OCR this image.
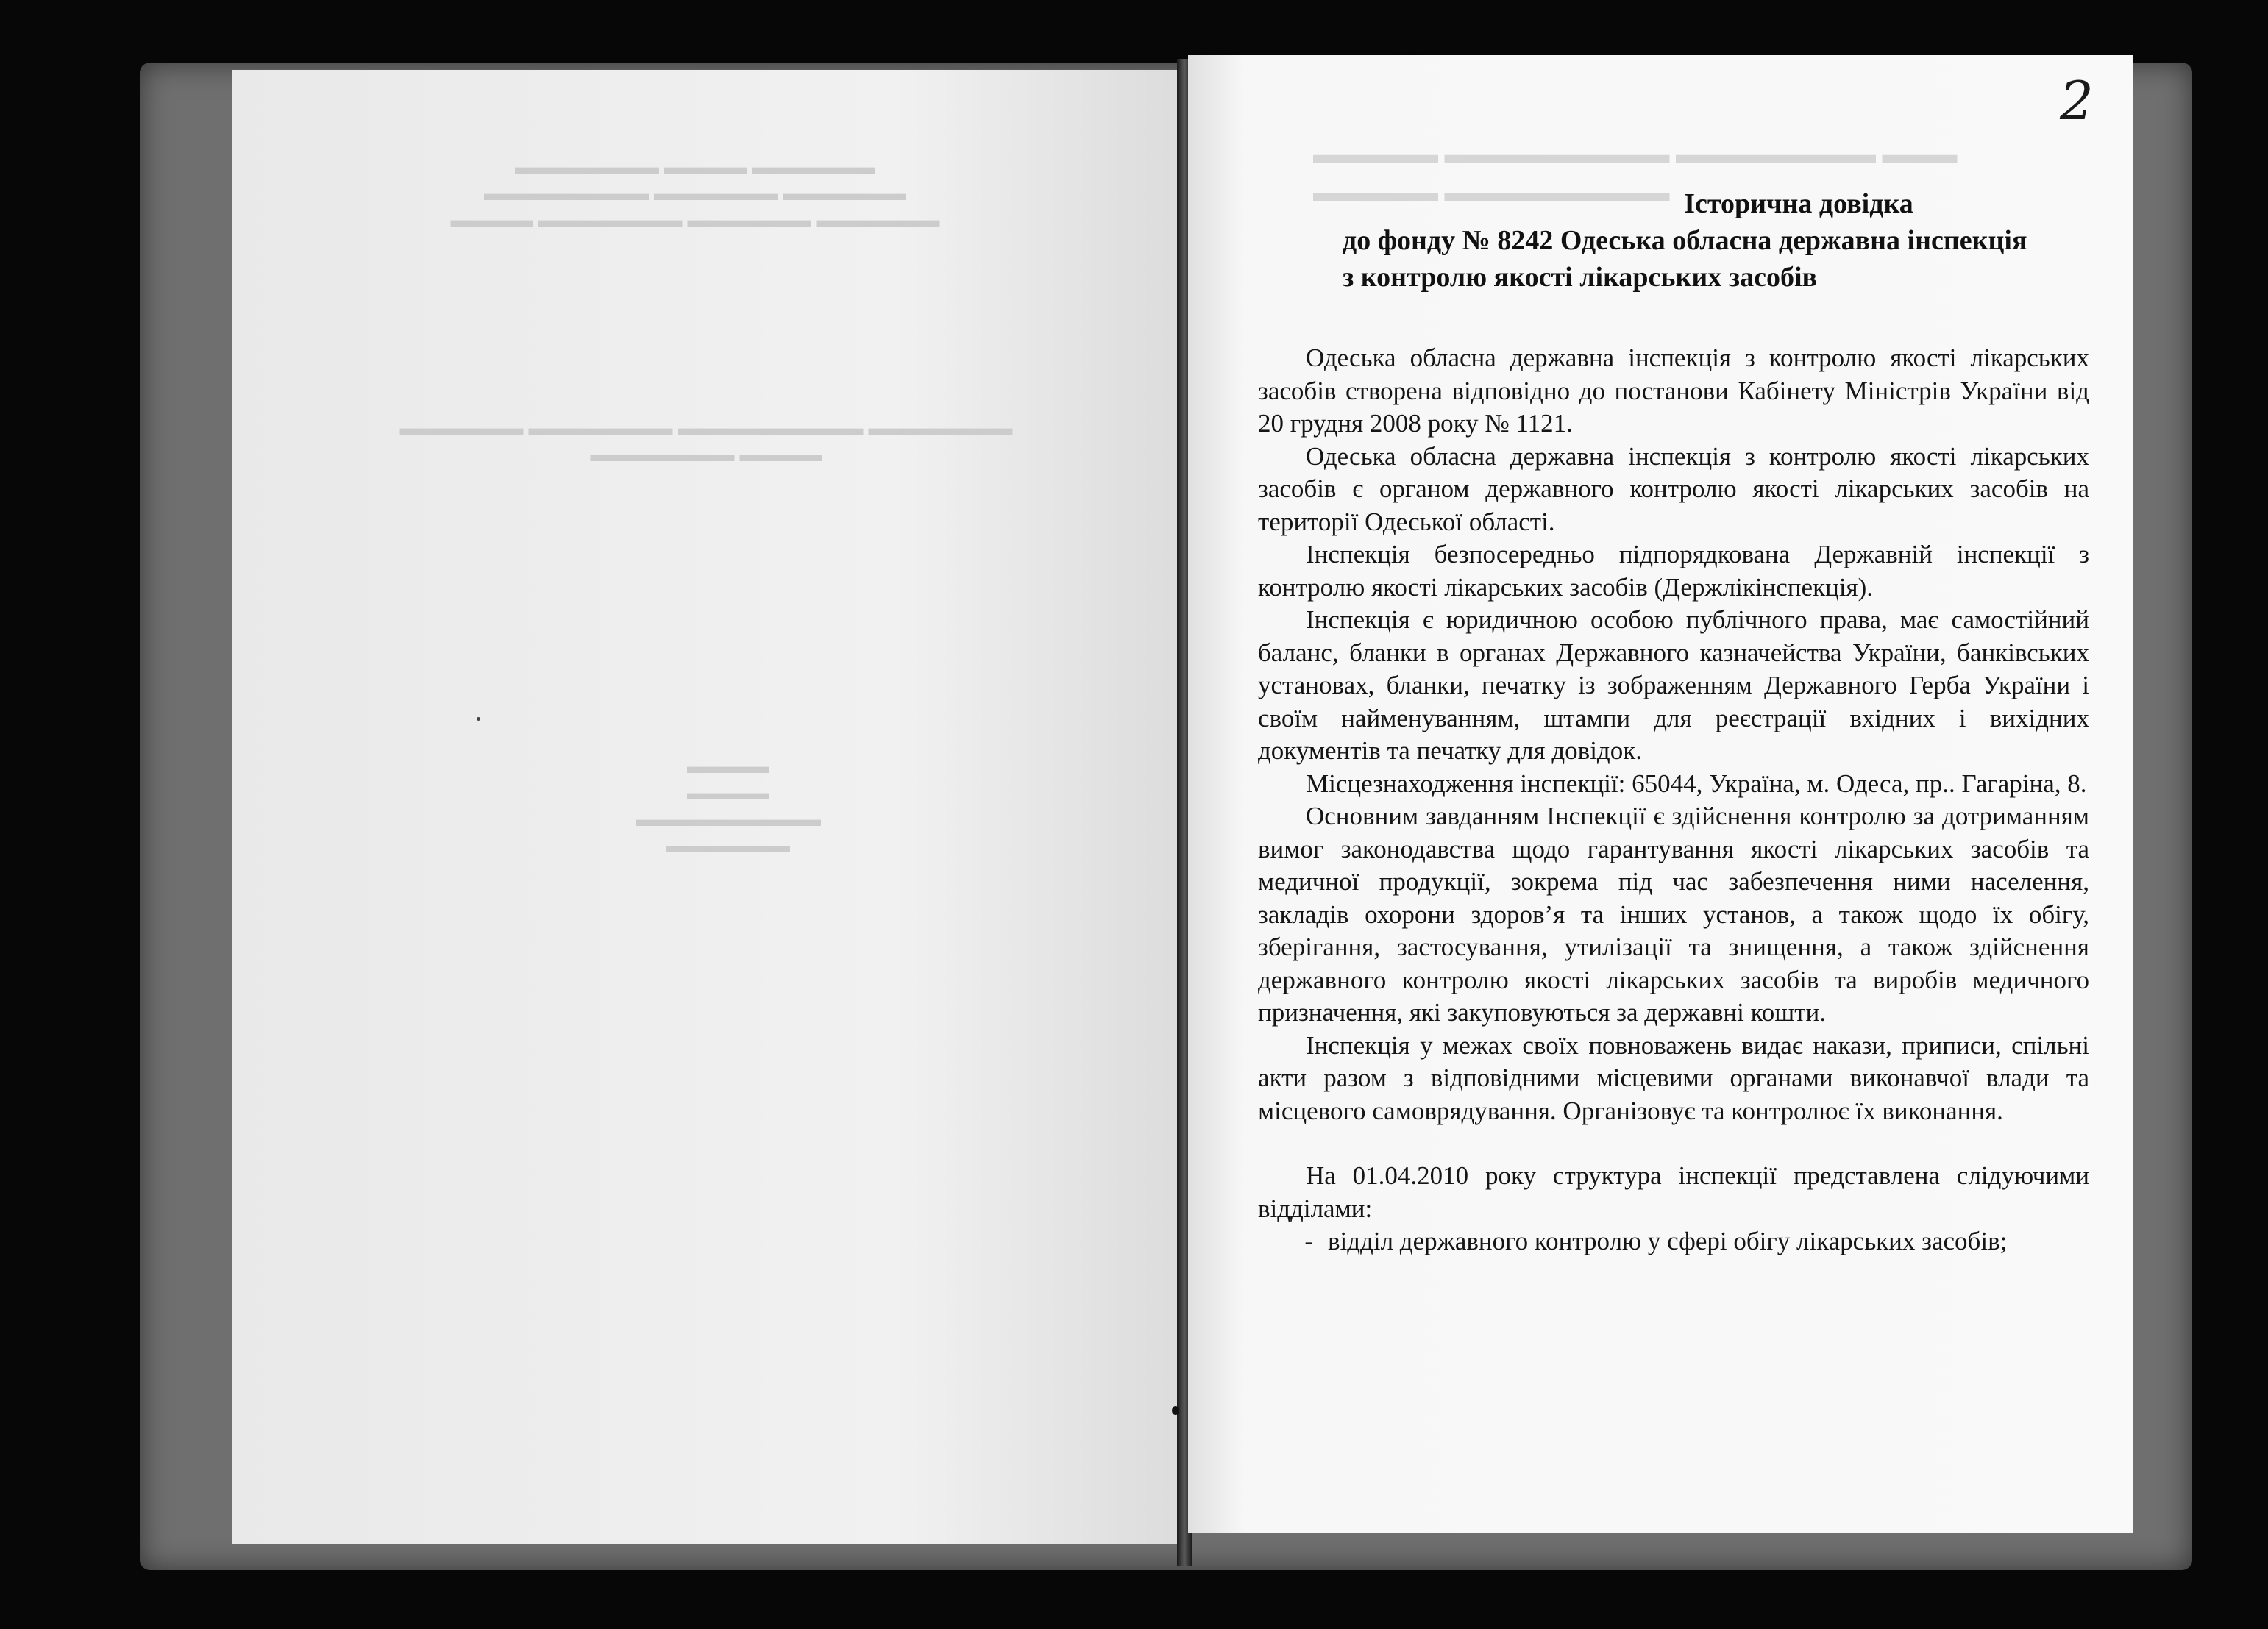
▬▬▬▬▬▬ ▬▬▬▬ ▬▬▬▬▬▬▬
▬▬▬▬▬▬ ▬▬▬▬▬▬ ▬▬▬▬▬▬▬▬
▬▬▬▬▬▬ ▬▬▬▬▬▬ ▬▬▬▬▬▬▬ ▬▬▬▬
▬▬▬▬▬▬▬ ▬▬▬▬▬▬▬▬▬ ▬▬▬▬▬▬▬ ▬▬▬▬▬▬
▬▬▬▬ ▬▬▬▬▬▬▬
▬▬▬▬
▬▬▬▬
▬▬▬▬▬▬▬▬▬
▬▬▬▬▬▬
▬▬▬▬▬ ▬▬▬▬▬▬▬▬▬ ▬▬▬▬▬▬▬▬ ▬▬▬
▬▬▬▬▬ ▬▬▬▬▬▬▬▬▬
2
Історична довідка
до фонду № 8242 Одеська обласна державна інспекція
з контролю якості лікарських засобів

Одеська обласна державна інспекція з контролю якості лікарських засобів створена відповідно до постанови Кабінету Міністрів України від 20 грудня 2008 року № 1121.

Одеська обласна державна інспекція з контролю якості лікарських засобів є органом державного контролю якості лікарських засобів на території Одеської області.

Інспекція безпосередньо підпорядкована Державній інспекції з контролю якості лікарських засобів (Держлікінспекція).

Інспекція є юридичною особою публічного права, має самостійний баланс, бланки в органах Державного казначейства України, банківських установах, бланки, печатку із зображенням Державного Герба України і своїм найменуванням, штампи для реєстрації вхідних і вихідних документів та печатку для довідок.

Місцезнаходження інспекції: 65044, Україна, м. Одеса, пр.. Гагаріна, 8.

Основним завданням Інспекції є здійснення контролю за дотриманням вимог законодавства щодо гарантування якості лікарських засобів та медичної продукції, зокрема під час забезпечення ними населення, закладів охорони здоров’я та інших установ, а також щодо їх обігу, зберігання, застосування, утилізації та знищення, а також здійснення державного контролю якості лікарських засобів та виробів медичного призначення, які закуповуються за державні кошти.

Інспекція у межах своїх повноважень видає накази, приписи, спільні акти разом з відповідними місцевими органами виконавчої влади та місцевого самоврядування. Організовує та контролює їх виконання.

На 01.04.2010 року структура інспекції представлена слідуючими відділами:

- відділ державного контролю у сфері обігу лікарських засобів;
